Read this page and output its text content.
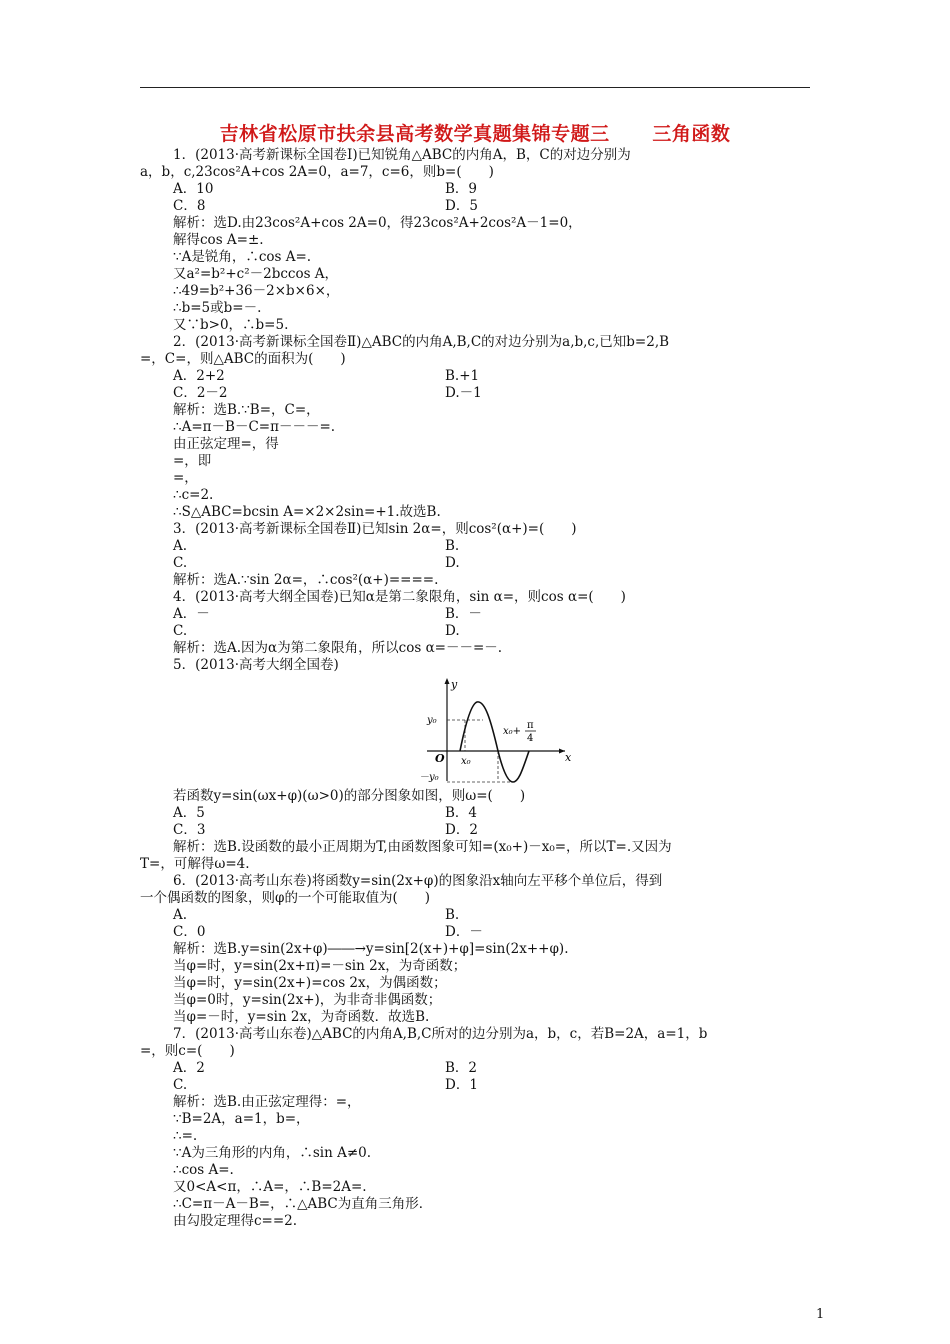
吉林省松原市扶余县高考数学真题集锦专题三      三角函数
1．(2013·高考新课标全国卷Ⅰ)已知锐角△ABC的内角A，B，C的对边分别为
a，b，c,23cos²A+cos 2A=0，a=7，c=6，则b=(　　)
A．10	B．9
C．8	D．5
解析：选D.由23cos²A+cos 2A=0，得23cos²A+2cos²A－1=0，
解得cos A=±.
∵A是锐角，∴cos A=.
又a²=b²+c²－2bccos A，
∴49=b²+36－2×b×6×，
∴b=5或b=－.
又∵b>0，∴b=5.
2．(2013·高考新课标全国卷Ⅱ)△ABC的内角A,B,C的对边分别为a,b,c,已知b=2,B
=，C=，则△ABC的面积为(　　)
A．2+2	B.+1
C．2－2	D.－1
解析：选B.∵B=，C=，
∴A=π－B－C=π－－－=.
由正弦定理=，得
=，即
=，
∴c=2.
∴S△ABC=bcsin A=×2×2sin=+1.故选B.
3．(2013·高考新课标全国卷Ⅱ)已知sin 2α=，则cos²(α+)=(　　)
A.	B.
C.	D.
解析：选A.∵sin 2α=，∴cos²(α+)====.
4．(2013·高考大纲全国卷)已知α是第二象限角，sin α=，则cos α=(　　)
A．－	B．－
C.	D.
解析：选A.因为α为第二象限角，所以cos α=－－=－.
5．(2013·高考大纲全国卷)
y
x
O
y₀
－y₀
x₀
x₀+
π
4
若函数y=sin(ωx+φ)(ω>0)的部分图象如图，则ω=(　　)
A．5	B．4
C．3	D．2
解析：选B.设函数的最小正周期为T,由函数图象可知=(x₀+)－x₀=，所以T=.又因为
T=，可解得ω=4.
6．(2013·高考山东卷)将函数y=sin(2x+φ)的图象沿x轴向左平移个单位后，得到
一个偶函数的图象，则φ的一个可能取值为(　　)
A.	B.
C．0	D．－
解析：选B.y=sin(2x+φ)――→y=sin[2(x+)+φ]=sin(2x++φ).
当φ=时，y=sin(2x+π)=－sin 2x，为奇函数；
当φ=时，y=sin(2x+)=cos 2x，为偶函数；
当φ=0时，y=sin(2x+)，为非奇非偶函数；
当φ=－时，y=sin 2x，为奇函数．故选B.
7．(2013·高考山东卷)△ABC的内角A,B,C所对的边分别为a，b，c，若B=2A，a=1，b
=，则c=(　　)
A．2	B．2
C.	D．1
解析：选B.由正弦定理得：=，
∵B=2A，a=1，b=，
∴=.
∵A为三角形的内角，∴sin A≠0.
∴cos A=.
又0<A<π，∴A=，∴B=2A=.
∴C=π－A－B=，∴△ABC为直角三角形．
由勾股定理得c==2.
1
